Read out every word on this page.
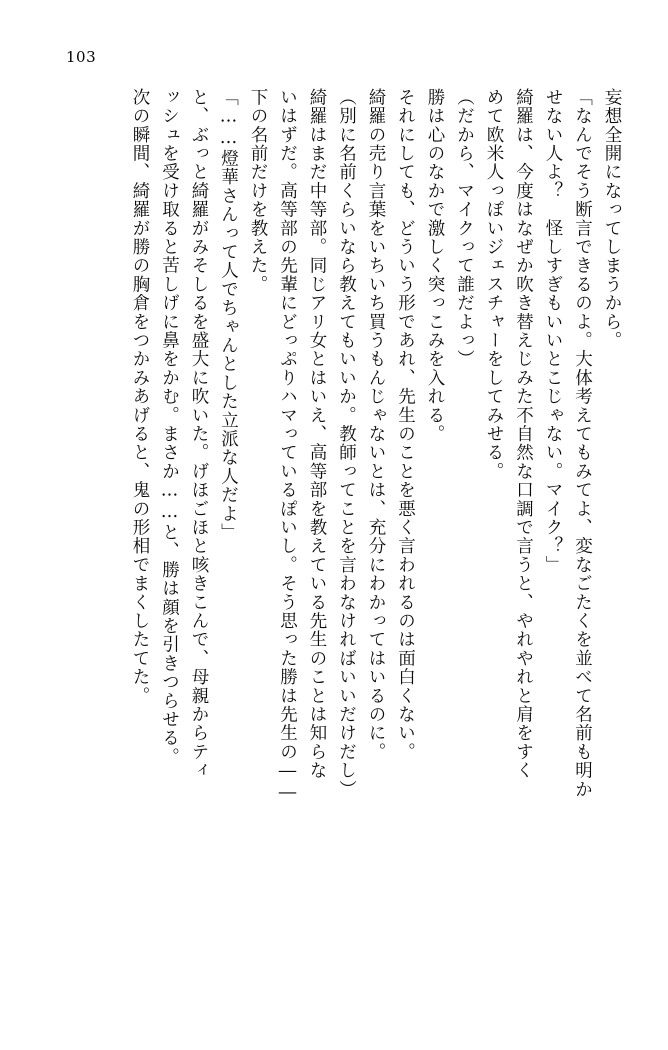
103
妄想全開になってしまうから。
「なんでそう断言できるのよ。大体考えてもみてよ、変なごたくを並べて名前も明か
せない人よ？　怪しすぎもいいとこじゃない。マイク？」
綺羅は、今度はなぜか吹き替えじみた不自然な口調で言うと、やれやれと肩をすく
めて欧米人っぽいジェスチャーをしてみせる。
（だから、マイクって誰だよっ）
勝は心のなかで激しく突っこみを入れる。
それにしても、どういう形であれ、先生のことを悪く言われるのは面白くない。
綺羅の売り言葉をいちいち買うもんじゃないとは、充分にわかってはいるのに。
（別に名前くらいなら教えてもいいか。教師ってことを言わなければいいだけだし）
綺羅はまだ中等部。同じアリ女とはいえ、高等部を教えている先生のことは知らな
いはずだ。高等部の先輩にどっぷりハマっているぽいし。そう思った勝は先生の――
下の名前だけを教えた。
「……燈華さんって人でちゃんとした立派な人だよ」
と、ぶっと綺羅がみそしるを盛大に吹いた。げほごほと咳きこんで、母親からティ
ッシュを受け取ると苦しげに鼻をかむ。まさか……と、勝は顔を引きつらせる。
次の瞬間、綺羅が勝の胸倉をつかみあげると、鬼の形相でまくしたてた。
